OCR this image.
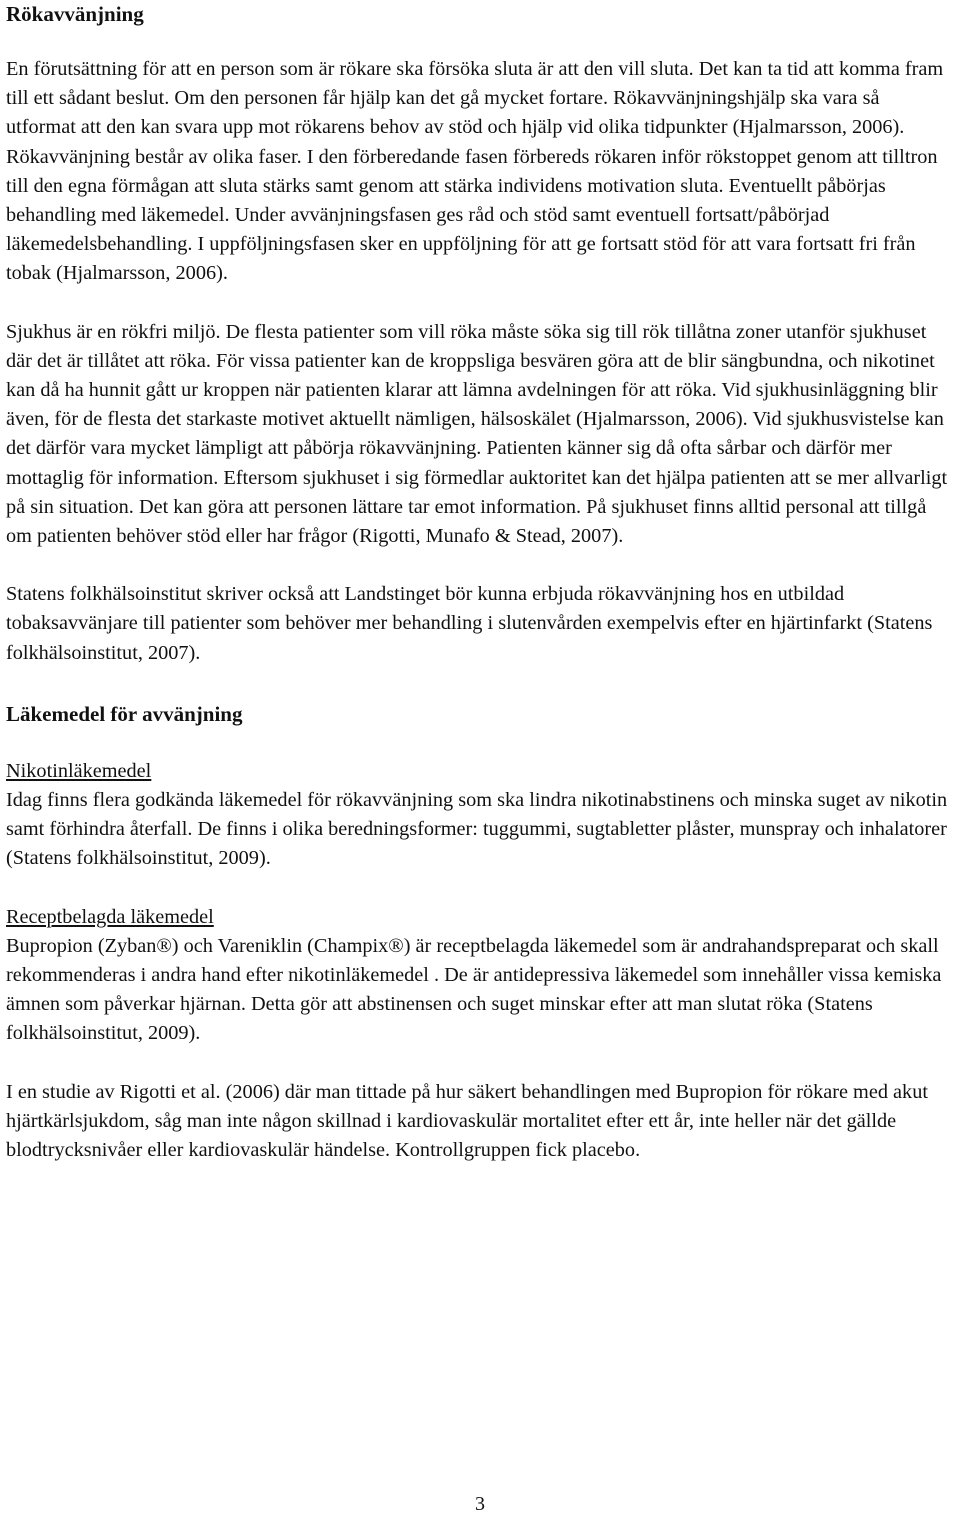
Rökavvänjning

En förutsättning för att en person som är rökare ska försöka sluta är att den vill sluta. Det kan ta tid att komma fram till ett sådant beslut. Om den personen får hjälp kan det gå mycket fortare. Rökavvänjningshjälp ska vara så utformat att den kan svara upp mot rökarens behov av stöd och hjälp vid olika tidpunkter (Hjalmarsson, 2006). Rökavvänjning består av olika faser. I den förberedande fasen förbereds rökaren inför rökstoppet genom att tilltron till den egna förmågan att sluta stärks samt genom att stärka individens motivation sluta. Eventuellt påbörjas behandling med läkemedel. Under avvänjningsfasen ges råd och stöd samt eventuell fortsatt/påbörjad läkemedelsbehandling. I uppföljningsfasen sker en uppföljning för att ge fortsatt stöd för att vara fortsatt fri från tobak (Hjalmarsson, 2006).

Sjukhus är en rökfri miljö. De flesta patienter som vill röka måste söka sig till rök tillåtna zoner utanför sjukhuset där det är tillåtet att röka. För vissa patienter kan de kroppsliga besvären göra att de blir sängbundna, och nikotinet kan då ha hunnit gått ur kroppen när patienten klarar att lämna avdelningen för att röka. Vid sjukhusinläggning blir även, för de flesta det starkaste motivet aktuellt nämligen, hälsoskälet (Hjalmarsson, 2006). Vid sjukhusvistelse kan det därför vara mycket lämpligt att påbörja rökavvänjning. Patienten känner sig då ofta sårbar och därför mer mottaglig för information. Eftersom sjukhuset i sig förmedlar auktoritet kan det hjälpa patienten att se mer allvarligt på sin situation. Det kan göra att personen lättare tar emot information. På sjukhuset finns alltid personal att tillgå om patienten behöver stöd eller har frågor (Rigotti, Munafo & Stead, 2007).

Statens folkhälsoinstitut skriver också att Landstinget bör kunna erbjuda rökavvänjning hos en utbildad tobaksavvänjare till patienter som behöver mer behandling i slutenvården exempelvis efter en hjärtinfarkt (Statens folkhälsoinstitut, 2007).

Läkemedel för avvänjning

Nikotinläkemedel

Idag finns flera godkända läkemedel för rökavvänjning som ska lindra nikotinabstinens och minska suget av nikotin samt förhindra återfall. De finns i olika beredningsformer: tuggummi, sugtabletter plåster, munspray och inhalatorer (Statens folkhälsoinstitut, 2009).

Receptbelagda läkemedel

Bupropion (Zyban®) och Vareniklin (Champix®) är receptbelagda läkemedel som är andrahandspreparat och skall rekommenderas i andra hand efter nikotinläkemedel . De är antidepressiva läkemedel som innehåller vissa kemiska ämnen som påverkar hjärnan. Detta gör att abstinensen och suget minskar efter att man slutat röka (Statens folkhälsoinstitut, 2009).

I en studie av Rigotti et al. (2006) där man tittade på hur säkert behandlingen med Bupropion för rökare med akut hjärtkärlsjukdom, såg man inte någon skillnad i kardiovaskulär mortalitet efter ett år, inte heller när det gällde blodtrycksnivåer eller kardiovaskulär händelse. Kontrollgruppen fick placebo.

3
